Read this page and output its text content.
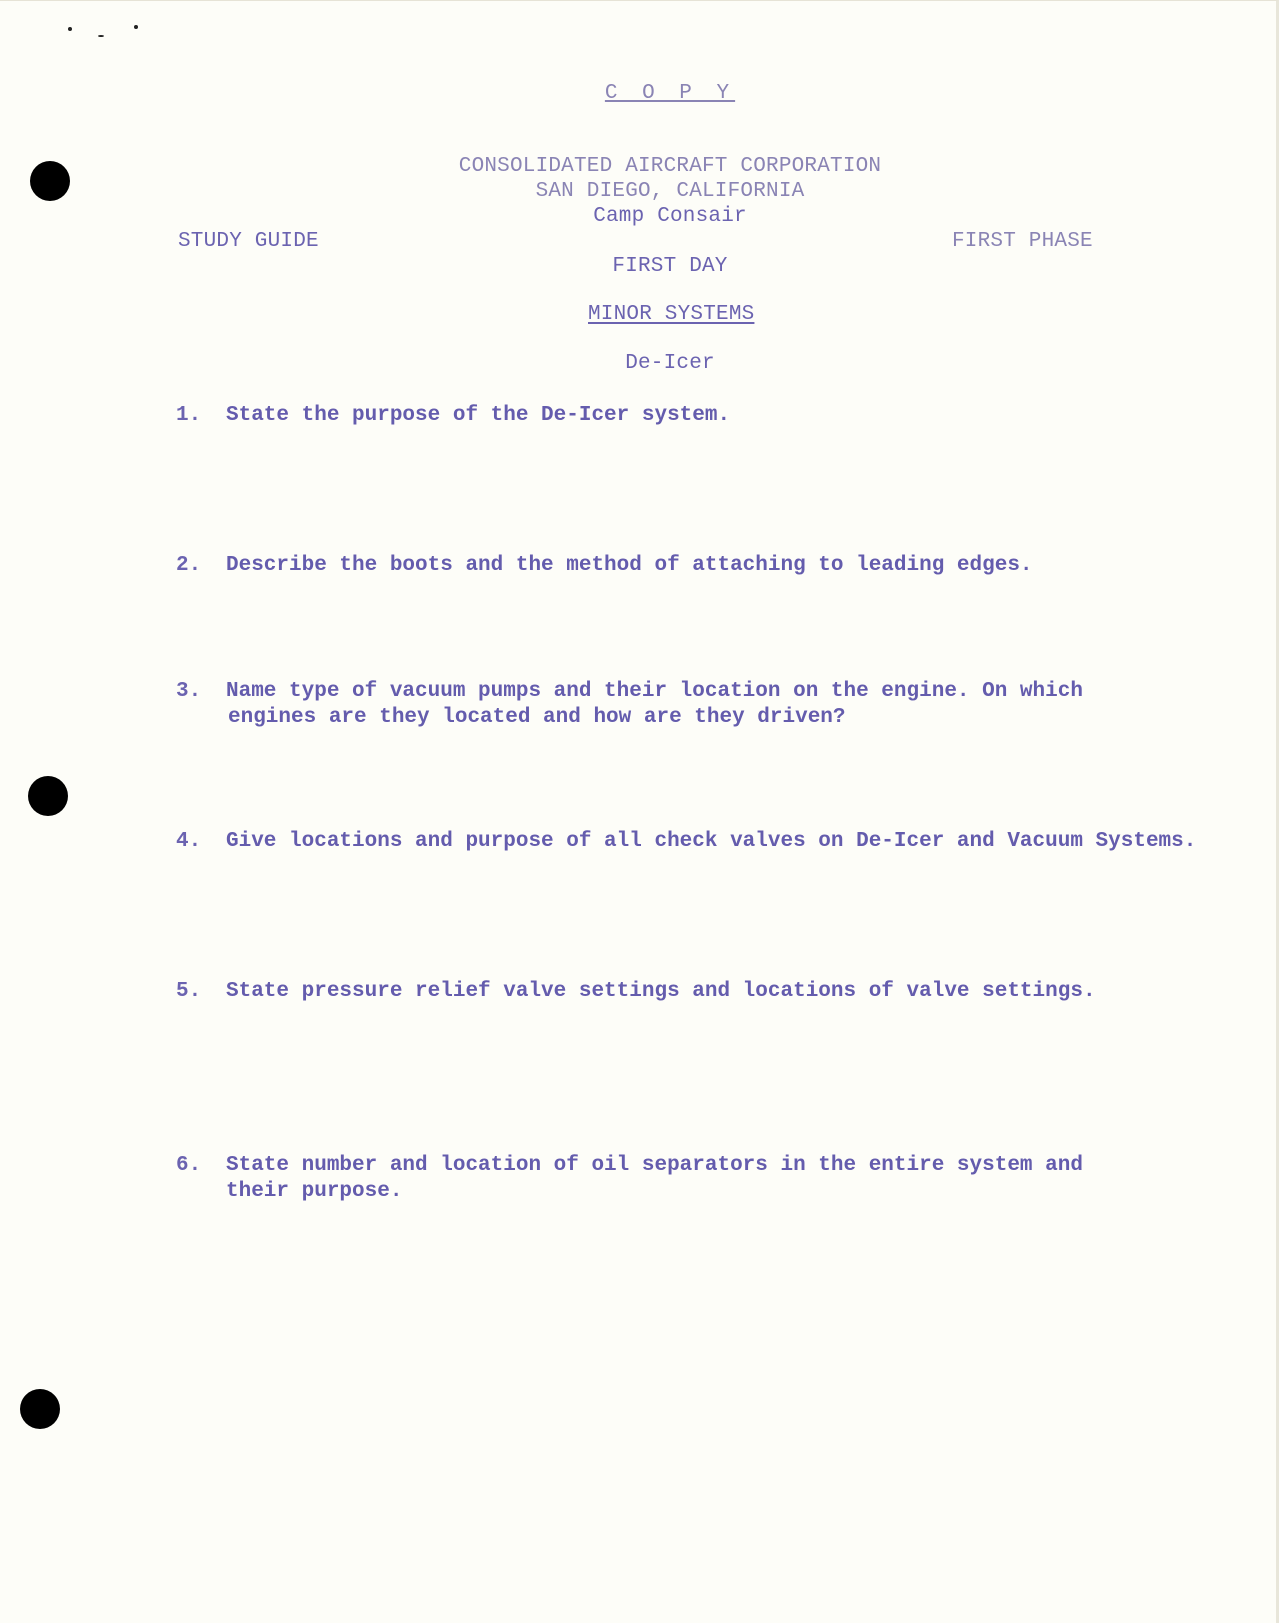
C O P Y
CONSOLIDATED AIRCRAFT CORPORATION
SAN DIEGO, CALIFORNIA
Camp Consair
STUDY GUIDE	FIRST PHASE
FIRST DAY
MINOR SYSTEMS
De-Icer
1. State the purpose of the De-Icer system.
2. Describe the boots and the method of attaching to leading edges.
3. Name type of vacuum pumps and their location on the engine. On which
engines are they located and how are they driven?
4. Give locations and purpose of all check valves on De-Icer and Vacuum Systems.
5. State pressure relief valve settings and locations of valve settings.
6. State number and location of oil separators in the entire system and
their purpose.
